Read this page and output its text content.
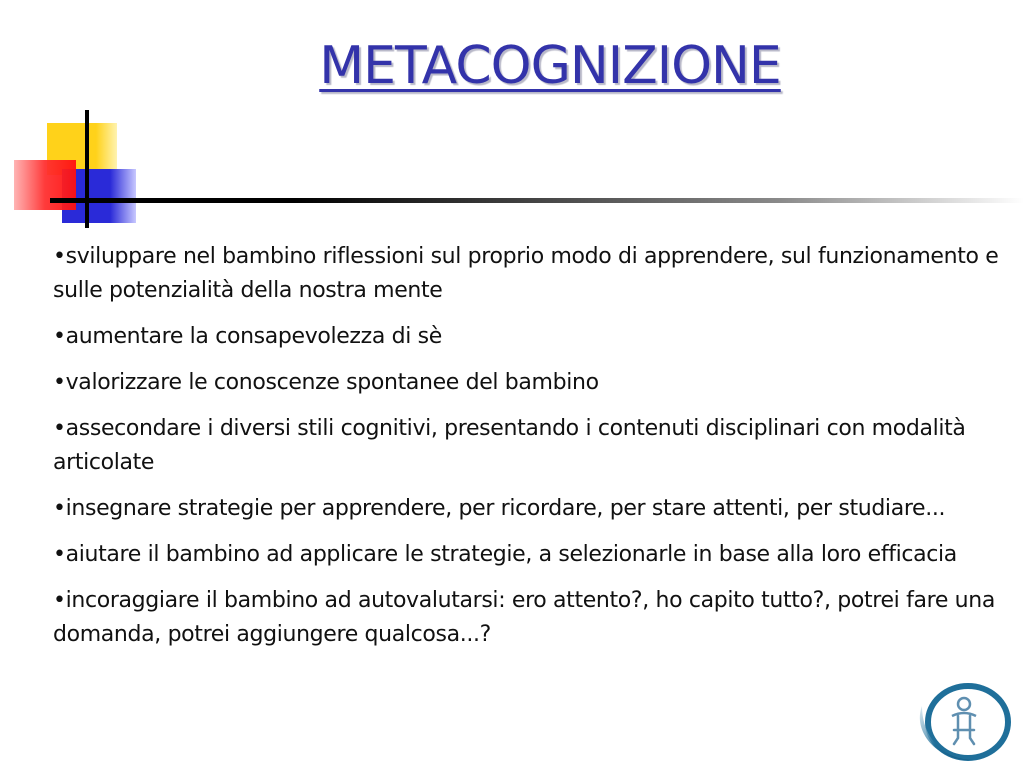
METACOGNIZIONE
•sviluppare nel bambino riflessioni sul proprio modo di apprendere, sul funzionamento e sulle potenzialità della nostra mente
•aumentare la consapevolezza di sè
•valorizzare le conoscenze spontanee del bambino
•assecondare i diversi stili cognitivi, presentando i contenuti disciplinari con modalità articolate
•insegnare strategie per apprendere, per ricordare, per stare attenti, per studiare...
•aiutare il bambino ad applicare le strategie, a selezionarle in base alla loro efficacia
•incoraggiare il bambino ad autovalutarsi: ero attento?, ho capito tutto?, potrei fare una domanda, potrei aggiungere qualcosa...?
